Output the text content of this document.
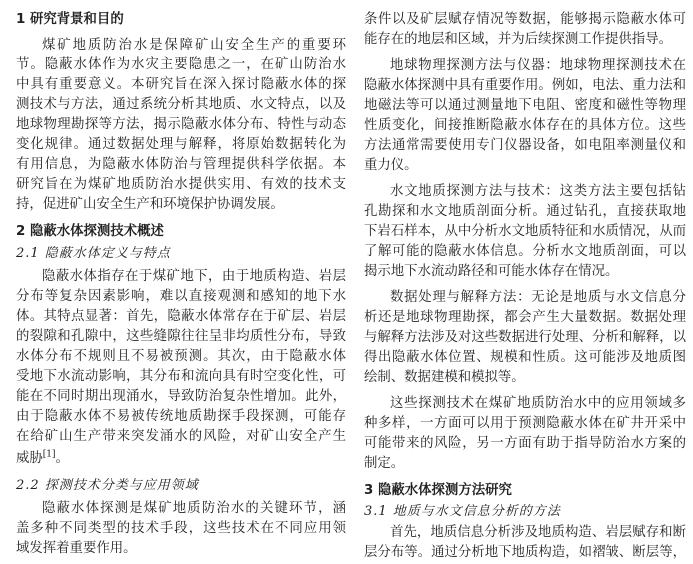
1 研究背景和目的
煤矿地质防治水是保障矿山安全生产的重要环
节。隐蔽水体作为水灾主要隐患之一，在矿山防治水
中具有重要意义。本研究旨在深入探讨隐蔽水体的探
测技术与方法，通过系统分析其地质、水文特点，以及
地球物理勘探等方法，揭示隐蔽水体分布、特性与动态
变化规律。通过数据处理与解释，将原始数据转化为
有用信息，为隐蔽水体防治与管理提供科学依据。本
研究旨在为煤矿地质防治水提供实用、有效的技术支
持，促进矿山安全生产和环境保护协调发展。
2 隐蔽水体探测技术概述
2.1 隐蔽水体定义与特点
隐蔽水体指存在于煤矿地下，由于地质构造、岩层
分布等复杂因素影响，难以直接观测和感知的地下水
体。其特点显著：首先，隐蔽水体常存在于矿层、岩层
的裂隙和孔隙中，这些缝隙往往呈非均质性分布，导致
水体分布不规则且不易被预测。其次，由于隐蔽水体
受地下水流动影响，其分布和流向具有时空变化性，可
能在不同时期出现涌水，导致防治复杂性增加。此外，
由于隐蔽水体不易被传统地质勘探手段探测，可能存
在给矿山生产带来突发涌水的风险，对矿山安全产生
威胁[1]。
2.2 探测技术分类与应用领域
隐蔽水体探测是煤矿地质防治水的关键环节，涵
盖多种不同类型的技术手段，这些技术在不同应用领
域发挥着重要作用。
条件以及矿层赋存情况等数据，能够揭示隐蔽水体可
能存在的地层和区域，并为后续探测工作提供指导。
地球物理探测方法与仪器：地球物理探测技术在
隐蔽水体探测中具有重要作用。例如，电法、重力法和
地磁法等可以通过测量地下电阻、密度和磁性等物理
性质变化，间接推断隐蔽水体存在的具体方位。这些
方法通常需要使用专门仪器设备，如电阻率测量仪和
重力仪。
水文地质探测方法与技术：这类方法主要包括钻
孔勘探和水文地质剖面分析。通过钻孔，直接获取地
下岩石样本，从中分析水文地质特征和水质情况，从而
了解可能的隐蔽水体信息。分析水文地质剖面，可以
揭示地下水流动路径和可能水体存在情况。
数据处理与解释方法：无论是地质与水文信息分
析还是地球物理勘探，都会产生大量数据。数据处理
与解释方法涉及对这些数据进行处理、分析和解释，以
得出隐蔽水体位置、规模和性质。这可能涉及地质图
绘制、数据建模和模拟等。
这些探测技术在煤矿地质防治水中的应用领域多
种多样，一方面可以用于预测隐蔽水体在矿井开采中
可能带来的风险，另一方面有助于指导防治水方案的
制定。
3 隐蔽水体探测方法研究
3.1 地质与水文信息分析的方法
首先，地质信息分析涉及地质构造、岩层赋存和断
层分布等。通过分析地下地质构造，如褶皱、断层等，
